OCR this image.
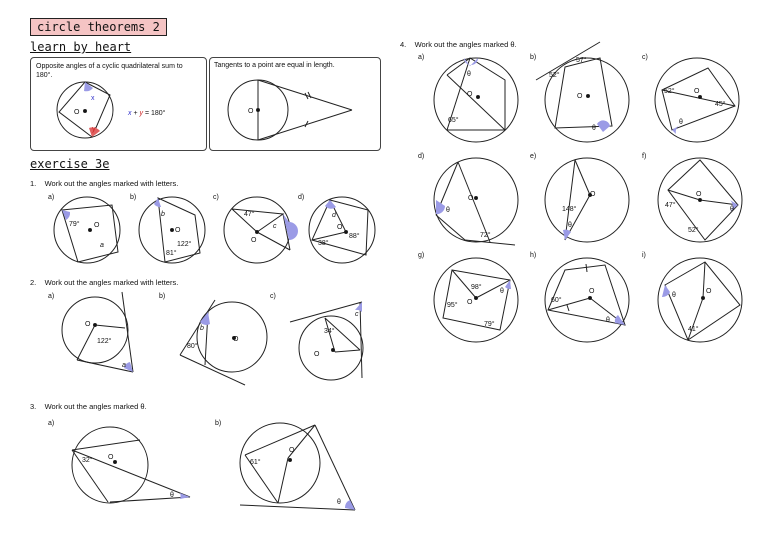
circle theorems 2
learn by heart
Opposite angles of a cyclic quadrilateral sum to 180°.
x + y = 180°
Tangents to a point are equal in length.
exercise 3e
1. Work out the angles marked with letters.
2. Work out the angles marked with letters.
3. Work out the angles marked θ.
4. Work out the angles marked θ.
a)	b)	c)	d)
a)	b)	c)
a)	b)
a)	b)	c)
d)	e)	f)
g)	h)	i)
x
y
O	O
79° O
a
b
O
122°
81°
47°
c
O
d
O
88°
38°
O
122°
a
b
80°
O
34°
c
O
32° O
θ
61°
O
θ
θ
O
65°
57°
52°
O
θ
52°	O
45°
θ
θ
O
72°
148°
O
θ
47°
O
θ
52°
98°
O
95°
θ
79°
60°
O
θ
θ
O
41°
